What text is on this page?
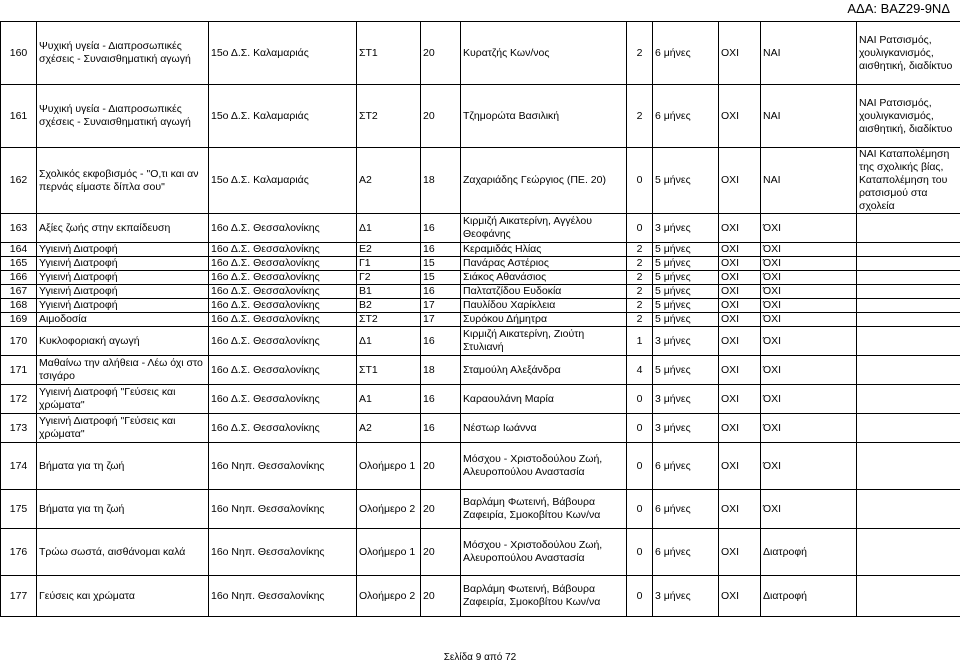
ΑΔΑ: ΒΑΖ29-9ΝΔ
160	Ψυχική υγεία - Διαπροσωπικές σχέσεις - Συναισθηματική αγωγή	15ο Δ.Σ. Καλαμαριάς	ΣΤ1	20	Κυρατζής Κων/νος	2	6 μήνες	ΟΧΙ	ΝΑΙ	ΝΑΙ Ρατσισμός, χουλιγκανισμός, αισθητική, διαδίκτυο
161	Ψυχική υγεία - Διαπροσωπικές σχέσεις - Συναισθηματική αγωγή	15ο Δ.Σ. Καλαμαριάς	ΣΤ2	20	Τζημορώτα Βασιλική	2	6 μήνες	ΟΧΙ	ΝΑΙ	ΝΑΙ Ρατσισμός, χουλιγκανισμός, αισθητική, διαδίκτυο
162	Σχολικός εκφοβισμός - "Ο,τι και αν περνάς είμαστε δίπλα σου"	15ο Δ.Σ. Καλαμαριάς	Α2	18	Ζαχαριάδης Γεώργιος (ΠΕ. 20)	0	5 μήνες	ΟΧΙ	ΝΑΙ	ΝΑΙ Καταπολέμηση της σχολικής βίας, Καταπολέμηση του ρατσισμού στα σχολεία
163	Αξίες ζωής στην εκπαίδευση	16ο Δ.Σ. Θεσσαλονίκης	Δ1	16	Κιρμιζή Αικατερίνη, Αγγέλου Θεοφάνης	0	3 μήνες	ΟΧΙ	ΌΧΙ	
164	Υγιεινή Διατροφή	16ο Δ.Σ. Θεσσαλονίκης	Ε2	16	Κεραμιδάς Ηλίας	2	5 μήνες	ΟΧΙ	ΌΧΙ	
165	Υγιεινή Διατροφή	16ο Δ.Σ. Θεσσαλονίκης	Γ1	15	Πανάρας Αστέριος	2	5 μήνες	ΟΧΙ	ΌΧΙ	
166	Υγιεινή Διατροφή	16ο Δ.Σ. Θεσσαλονίκης	Γ2	15	Σιάκος Αθανάσιος	2	5 μήνες	ΟΧΙ	ΌΧΙ	
167	Υγιεινή Διατροφή	16ο Δ.Σ. Θεσσαλονίκης	Β1	16	Παλτατζίδου Ευδοκία	2	5 μήνες	ΟΧΙ	ΌΧΙ	
168	Υγιεινή Διατροφή	16ο Δ.Σ. Θεσσαλονίκης	Β2	17	Παυλίδου Χαρίκλεια	2	5 μήνες	ΟΧΙ	ΌΧΙ	
169	Αιμοδοσία	16ο Δ.Σ. Θεσσαλονίκης	ΣΤ2	17	Συρόκου Δήμητρα	2	5 μήνες	ΟΧΙ	ΌΧΙ	
170	Κυκλοφοριακή αγωγή	16ο Δ.Σ. Θεσσαλονίκης	Δ1	16	Κιρμιζή Αικατερίνη, Ζιούτη Στυλιανή	1	3 μήνες	ΟΧΙ	ΌΧΙ	
171	Μαθαίνω την αλήθεια - Λέω όχι στο τσιγάρο	16ο Δ.Σ. Θεσσαλονίκης	ΣΤ1	18	Σταμούλη Αλεξάνδρα	4	5 μήνες	ΟΧΙ	ΌΧΙ	
172	Υγιεινή Διατροφή "Γεύσεις και χρώματα"	16ο Δ.Σ. Θεσσαλονίκης	Α1	16	Καραουλάνη Μαρία	0	3 μήνες	ΟΧΙ	ΌΧΙ	
173	Υγιεινή Διατροφή "Γεύσεις και χρώματα"	16ο Δ.Σ. Θεσσαλονίκης	Α2	16	Νέστωρ Ιωάννα	0	3 μήνες	ΟΧΙ	ΌΧΙ	
174	Βήματα για τη ζωή	16ο Νηπ. Θεσσαλονίκης	Ολοήμερο 1	20	Μόσχου - Χριστοδούλου Ζωή, Αλευροπούλου Αναστασία	0	6 μήνες	ΟΧΙ	ΌΧΙ	
175	Βήματα για τη ζωή	16ο Νηπ. Θεσσαλονίκης	Ολοήμερο 2	20	Βαρλάμη Φωτεινή, Βάβουρα Ζαφειρία, Σμοκοβίτου Κων/να	0	6 μήνες	ΟΧΙ	ΌΧΙ	
176	Τρώω σωστά, αισθάνομαι καλά	16ο Νηπ. Θεσσαλονίκης	Ολοήμερο 1	20	Μόσχου - Χριστοδούλου Ζωή, Αλευροπούλου Αναστασία	0	6 μήνες	ΟΧΙ	Διατροφή	
177	Γεύσεις και χρώματα	16ο Νηπ. Θεσσαλονίκης	Ολοήμερο 2	20	Βαρλάμη Φωτεινή, Βάβουρα Ζαφειρία, Σμοκοβίτου Κων/να	0	3 μήνες	ΟΧΙ	Διατροφή	
Σελίδα 9 από 72
